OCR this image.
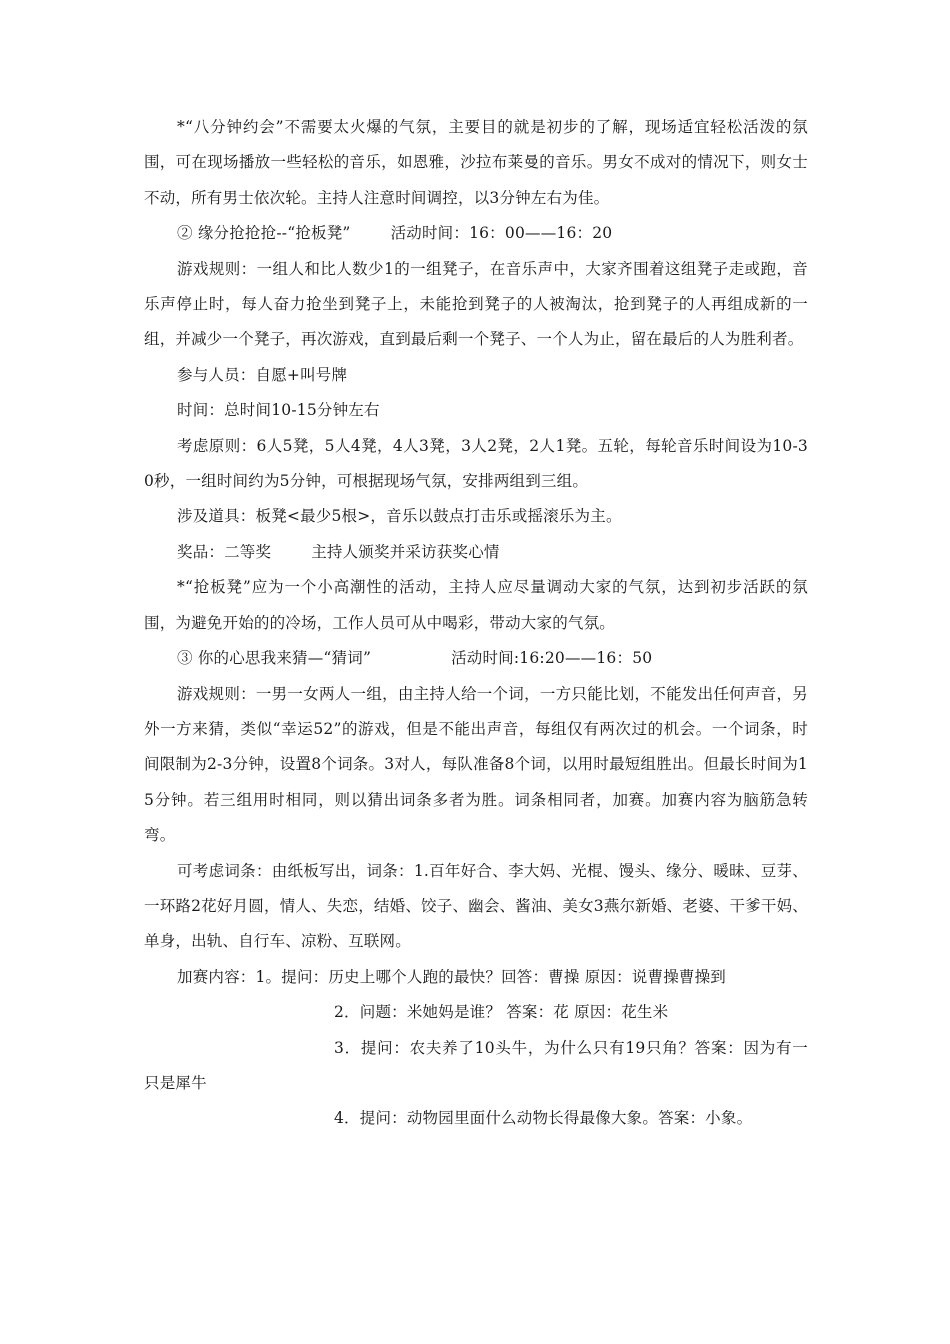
*“八分钟约会”不需要太火爆的气氛，主要目的就是初步的了解，现场适宜轻松活泼的氛围，可在现场播放一些轻松的音乐，如恩雅，沙拉布莱曼的音乐。男女不成对的情况下，则女士不动，所有男士依次轮。主持人注意时间调控，以3分钟左右为佳。

② 缘分抢抢抢--“抢板凳”	活动时间：16：00——16：20

游戏规则：一组人和比人数少1的一组凳子，在音乐声中，大家齐围着这组凳子走或跑，音乐声停止时，每人奋力抢坐到凳子上，未能抢到凳子的人被淘汰，抢到凳子的人再组成新的一组，并减少一个凳子，再次游戏，直到最后剩一个凳子、一个人为止，留在最后的人为胜利者。

参与人员：自愿+叫号牌

时间：总时间10-15分钟左右

考虑原则：6人5凳，5人4凳，4人3凳，3人2凳，2人1凳。五轮，每轮音乐时间设为10-30秒，一组时间约为5分钟，可根据现场气氛，安排两组到三组。

涉及道具：板凳<最少5根>，音乐以鼓点打击乐或摇滚乐为主。

奖品：二等奖	主持人颁奖并采访获奖心情

*“抢板凳”应为一个小高潮性的活动，主持人应尽量调动大家的气氛，达到初步活跃的氛围，为避免开始的的冷场，工作人员可从中喝彩，带动大家的气氛。

③ 你的心思我来猜—“猜词”	活动时间:16:20——16：50

游戏规则：一男一女两人一组，由主持人给一个词，一方只能比划，不能发出任何声音，另外一方来猜，类似“幸运52”的游戏，但是不能出声音，每组仅有两次过的机会。一个词条，时间限制为2-3分钟，设置8个词条。3对人，每队准备8个词，以用时最短组胜出。但最长时间为15分钟。若三组用时相同，则以猜出词条多者为胜。词条相同者，加赛。加赛内容为脑筋急转弯。

可考虑词条：由纸板写出，词条：1.百年好合、李大妈、光棍、馒头、缘分、暖昧、豆芽、一环路2花好月圆，情人、失恋，结婚、饺子、幽会、酱油、美女3燕尔新婚、老婆、干爹干妈、单身，出轨、自行车、凉粉、互联网。

加赛内容：1。提问：历史上哪个人跑的最快？回答：曹操 原因：说曹操曹操到

2．问题：米她妈是谁？ 答案：花 原因：花生米

3．提问：农夫养了10头牛，为什么只有19只角？答案：因为有一只是犀牛

4．提问：动物园里面什么动物长得最像大象。答案：小象。
